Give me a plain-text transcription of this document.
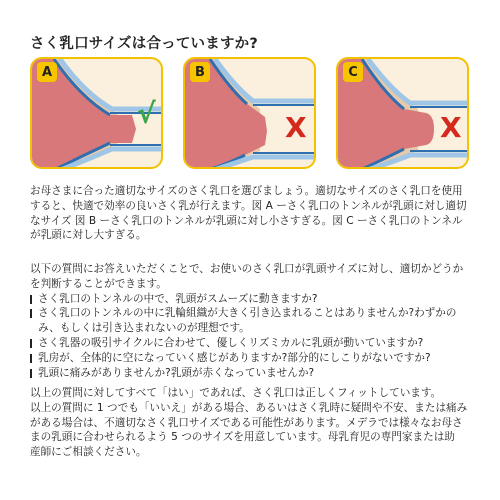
さく乳口サイズは合っていますか?
A
√
B
X
C
X

お母さまに合った適切なサイズのさく乳口を選びましょう。適切なサイズのさく乳口を使用

すると、快適で効率の良いさく乳が行えます。図 A ーさく乳口のトンネルが乳頭に対し適切

なサイズ 図 B ーさく乳口のトンネルが乳頭に対し小さすぎる。図 C ーさく乳口のトンネル

が乳頭に対し大すぎる。

以下の質問にお答えいただくことで、お使いのさく乳口が乳頭サイズに対し、適切かどうか

を判断することができます。

さく乳口のトンネルの中で、乳頭がスムーズに動きますか?
さく乳口のトンネルの中に乳輪組織が大きく引き込まれることはありませんか?わずかの
み、もしくは引き込まれないのが理想です。
さく乳器の吸引サイクルに合わせて、優しくリズミカルに乳頭が動いていますか?
乳房が、全体的に空になっていく感じがありますか?部分的にしこりがないですか?
乳頭に痛みがありませんか?乳頭が赤くなっていませんか?

以上の質問に対してすべて「はい」であれば、さく乳口は正しくフィットしています。

以上の質問に 1 つでも「いいえ」がある場合、あるいはさく乳時に疑問や不安、または痛み

がある場合は、不適切なさく乳口サイズである可能性があります。メデラでは様々なお母さ

まの乳頭に合わせられるよう 5 つのサイズを用意しています。母乳育児の専門家または助

産師にご相談ください。
